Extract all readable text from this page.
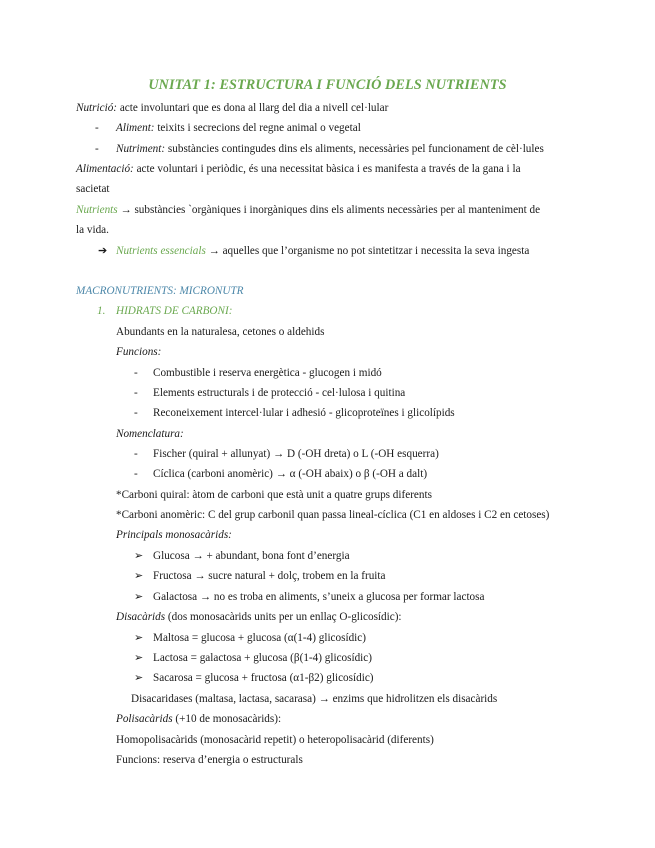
UNITAT 1: ESTRUCTURA I FUNCIÓ DELS NUTRIENTS
Nutrició: acte involuntari que es dona al llarg del dia a nivell cel·lular
- Aliment: teixits i secrecions del regne animal o vegetal
- Nutriment: substàncies contingudes dins els aliments, necessàries pel funcionament de cèl·lules
Alimentació: acte voluntari i periòdic, és una necessitat bàsica i es manifesta a través de la gana i la
sacietat
Nutrients → substàncies `orgàniques i inorgàniques dins els aliments necessàries per al manteniment de
la vida.
➔ Nutrients essencials → aquelles que l’organisme no pot sintetitzar i necessita la seva ingesta
MACRONUTRIENTS: MICRONUTR
1. HIDRATS DE CARBONI:
Abundants en la naturalesa, cetones o aldehids
Funcions:
- Combustible i reserva energètica - glucogen i midó
- Elements estructurals i de protecció - cel·lulosa i quitina
- Reconeixement intercel·lular i adhesió - glicoproteïnes i glicolípids
Nomenclatura:
- Fischer (quiral + allunyat) → D (-OH dreta) o L (-OH esquerra)
- Cíclica (carboni anomèric) → α (-OH abaix) o β (-OH a dalt)
*Carboni quiral: àtom de carboni que està unit a quatre grups diferents
*Carboni anomèric: C del grup carbonil quan passa lineal-cíclica (C1 en aldoses i C2 en cetoses)
Principals monosacàrids:
➢ Glucosa → + abundant, bona font d’energia
➢ Fructosa → sucre natural + dolç, trobem en la fruita
➢ Galactosa → no es troba en aliments, s’uneix a glucosa per formar lactosa
Disacàrids (dos monosacàrids units per un enllaç O-glicosídic):
➢ Maltosa = glucosa + glucosa (α(1-4) glicosídic)
➢ Lactosa = galactosa + glucosa (β(1-4) glicosídic)
➢ Sacarosa = glucosa + fructosa (α1-β2) glicosídic)
Disacaridases (maltasa, lactasa, sacarasa) → enzims que hidrolitzen els disacàrids
Polisacàrids (+10 de monosacàrids):
Homopolisacàrids (monosacàrid repetit) o heteropolisacàrid (diferents)
Funcions: reserva d’energia o estructurals
